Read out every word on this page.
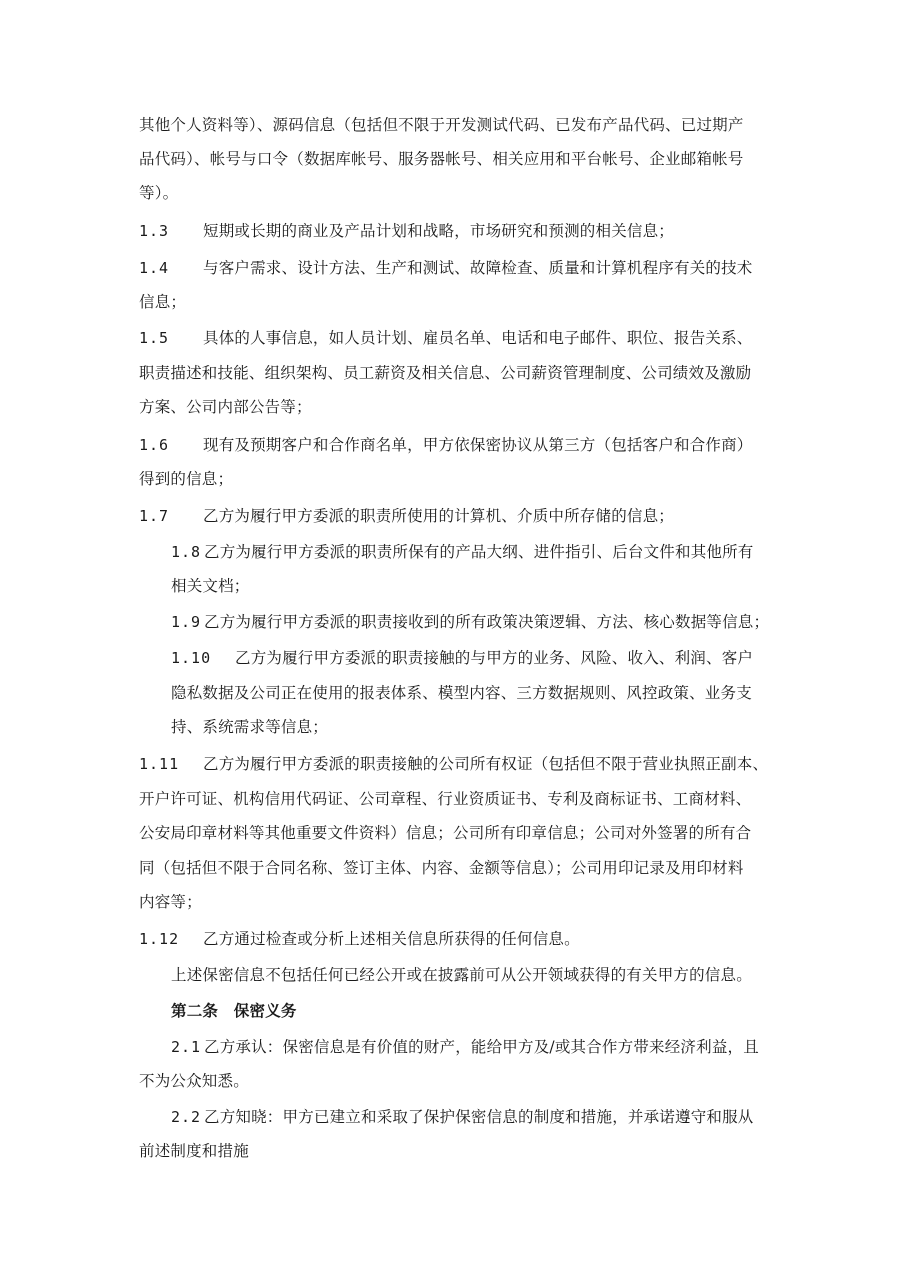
其他个人资料等）、源码信息（包括但不限于开发测试代码、已发布产品代码、已过期产
品代码）、帐号与口令（数据库帐号、服务器帐号、相关应用和平台帐号、企业邮箱帐号
等）。
1.3 短期或长期的商业及产品计划和战略，市场研究和预测的相关信息；
1.4 与客户需求、设计方法、生产和测试、故障检查、质量和计算机程序有关的技术
信息；
1.5 具体的人事信息，如人员计划、雇员名单、电话和电子邮件、职位、报告关系、
职责描述和技能、组织架构、员工薪资及相关信息、公司薪资管理制度、公司绩效及激励
方案、公司内部公告等；
1.6 现有及预期客户和合作商名单，甲方依保密协议从第三方（包括客户和合作商）
得到的信息；
1.7 乙方为履行甲方委派的职责所使用的计算机、介质中所存储的信息；
1.8 乙方为履行甲方委派的职责所保有的产品大纲、进件指引、后台文件和其他所有
相关文档；
1.9 乙方为履行甲方委派的职责接收到的所有政策决策逻辑、方法、核心数据等信息；
1.10 乙方为履行甲方委派的职责接触的与甲方的业务、风险、收入、利润、客户
隐私数据及公司正在使用的报表体系、模型内容、三方数据规则、风控政策、业务支
持、系统需求等信息；
1.11 乙方为履行甲方委派的职责接触的公司所有权证（包括但不限于营业执照正副本、
开户许可证、机构信用代码证、公司章程、行业资质证书、专利及商标证书、工商材料、
公安局印章材料等其他重要文件资料）信息；公司所有印章信息；公司对外签署的所有合
同（包括但不限于合同名称、签订主体、内容、金额等信息）；公司用印记录及用印材料
内容等；
1.12 乙方通过检查或分析上述相关信息所获得的任何信息。
上述保密信息不包括任何已经公开或在披露前可从公开领域获得的有关甲方的信息。
第二条　保密义务
2.1 乙方承认：保密信息是有价值的财产，能给甲方及/或其合作方带来经济利益，且
不为公众知悉。
2.2 乙方知晓：甲方已建立和采取了保护保密信息的制度和措施，并承诺遵守和服从
前述制度和措施
